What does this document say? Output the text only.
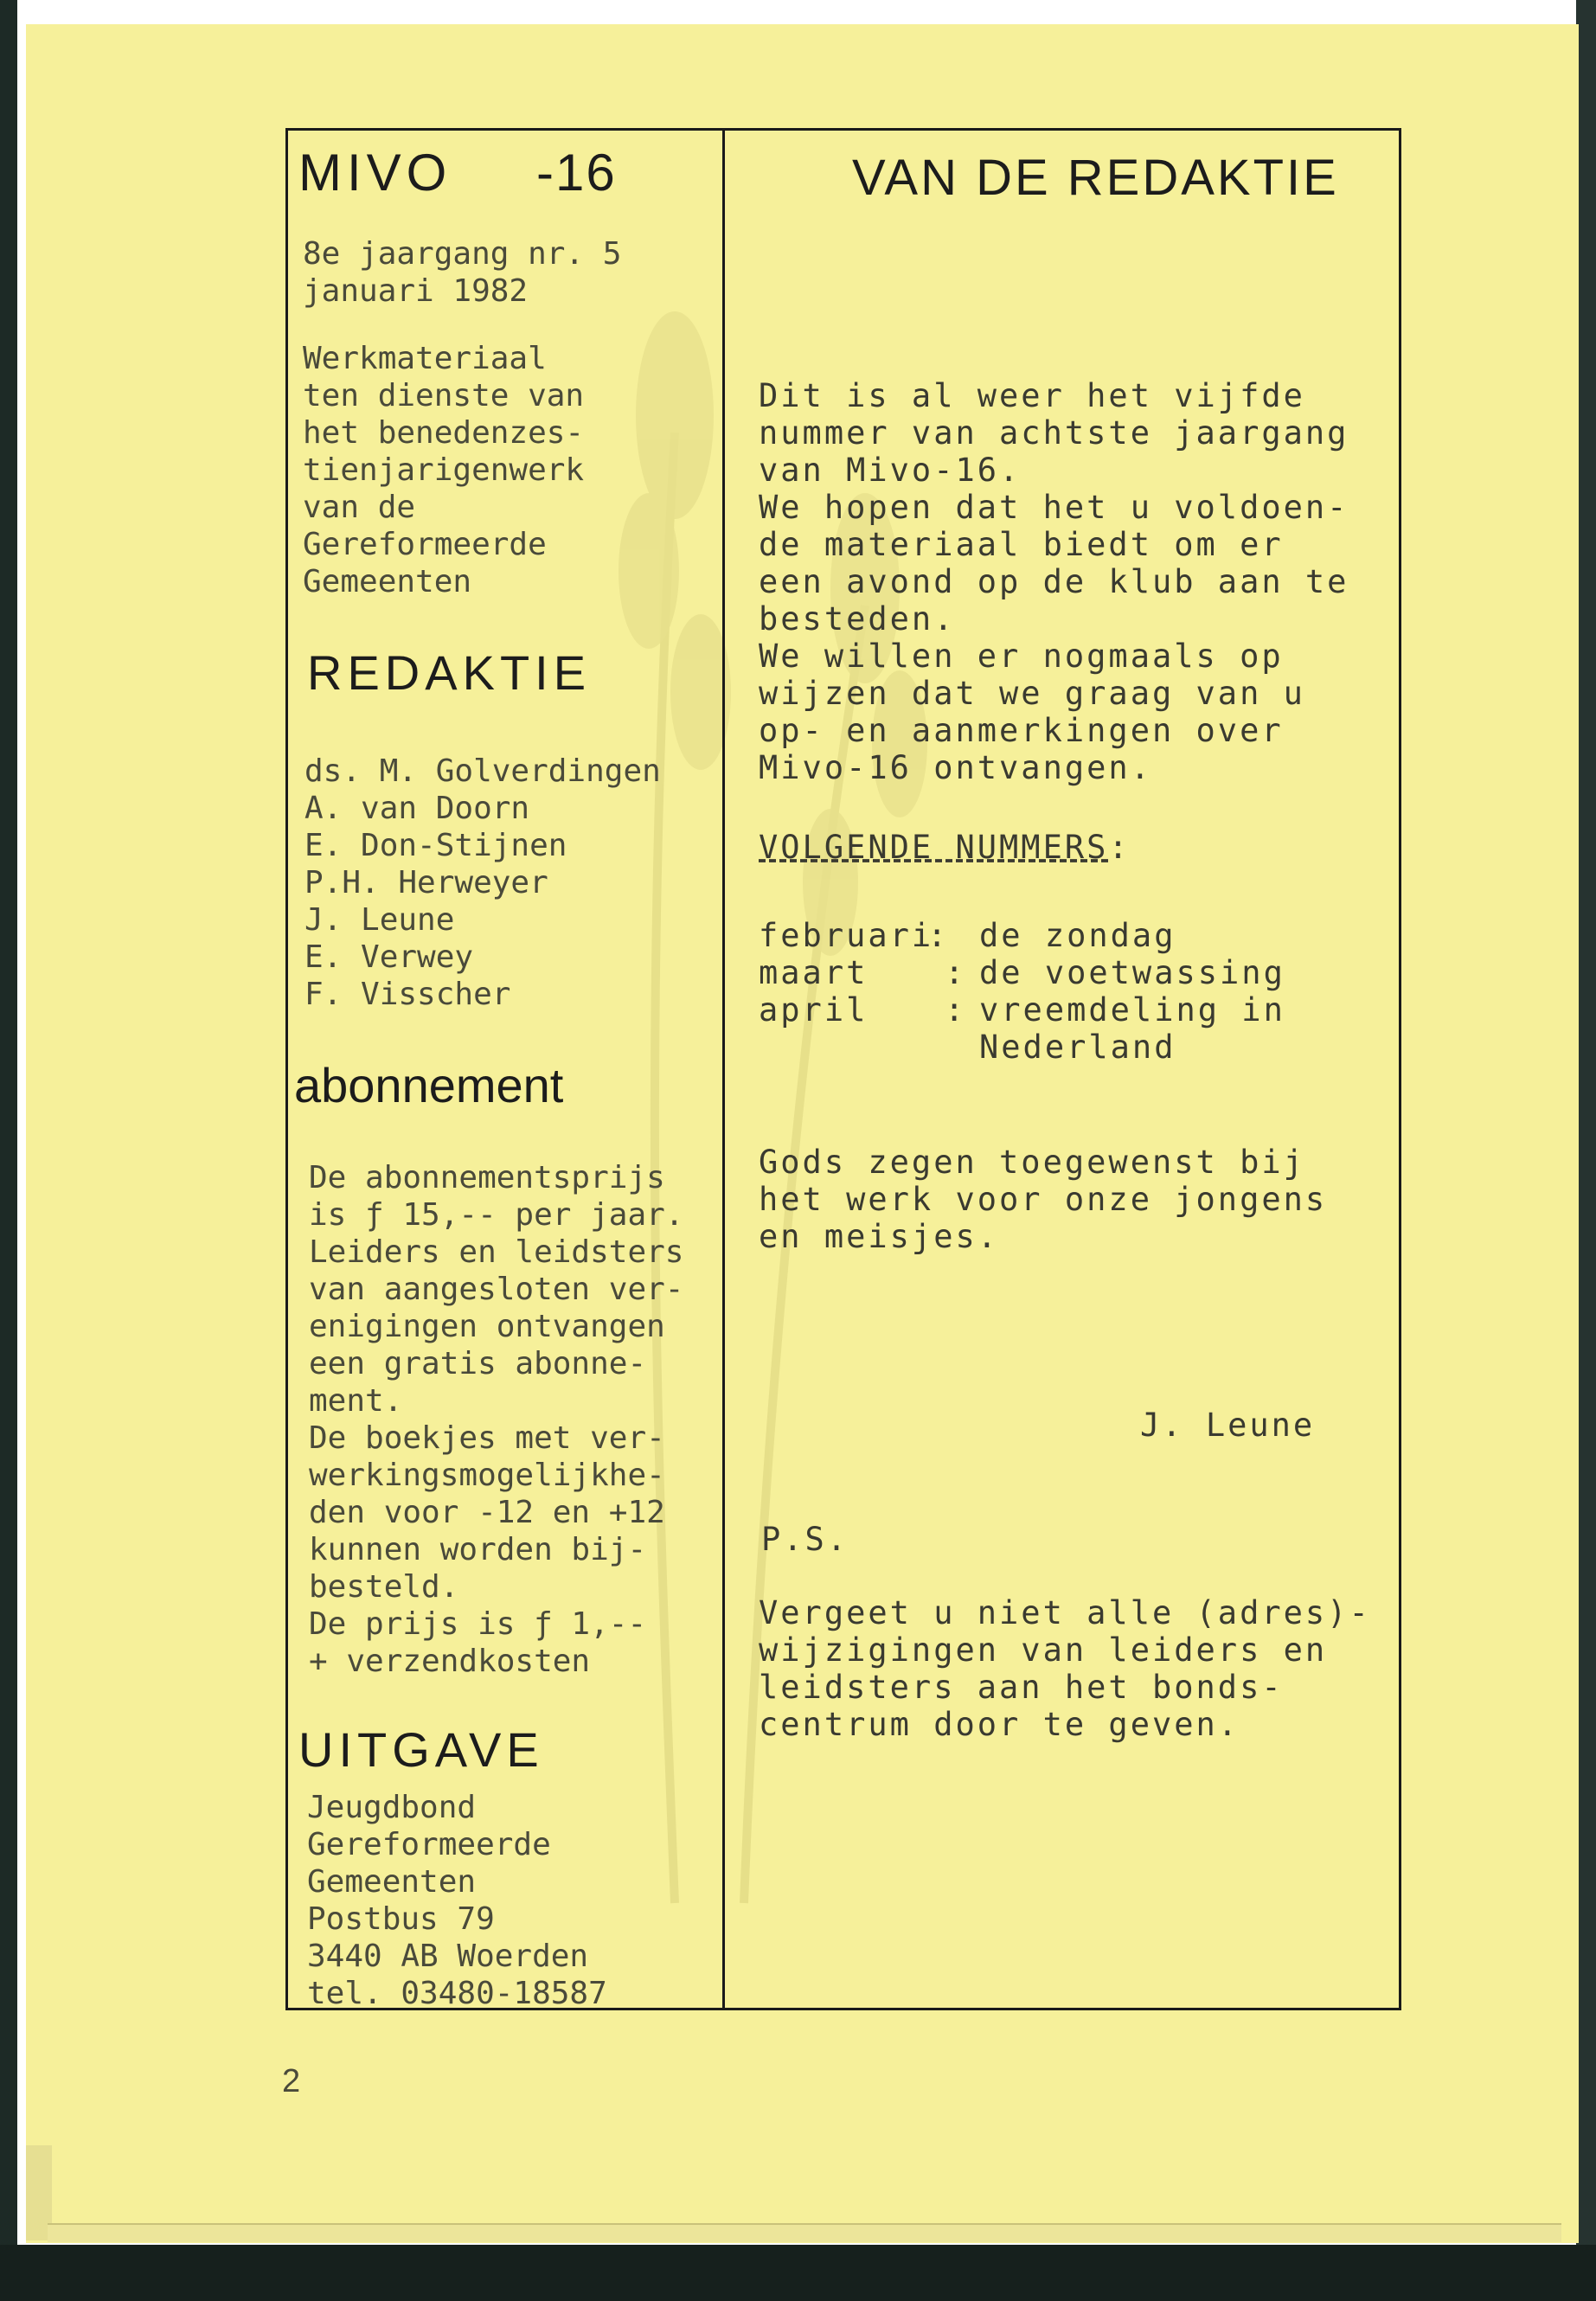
MIVO -16
8e jaargang nr. 5
januari 1982
Werkmateriaal
ten dienste van
het benedenzes-
tienjarigenwerk
van de
Gereformeerde
Gemeenten
REDAKTIE
ds. M. Golverdingen
A. van Doorn
E. Don-Stijnen
P.H. Herweyer
J. Leune
E. Verwey
F. Visscher
abonnement
De abonnementsprijs
is ƒ 15,-- per jaar.
Leiders en leidsters
van aangesloten ver-
enigingen ontvangen
een gratis abonne-
ment.
De boekjes met ver-
werkingsmogelijkhe-
den voor -12 en +12
kunnen worden bij-
besteld.
De prijs is ƒ 1,--
+ verzendkosten
UITGAVE
Jeugdbond
Gereformeerde
Gemeenten
Postbus 79
3440 AB Woerden
tel. 03480-18587
VAN DE REDAKTIE
Dit is al weer het vijfde
nummer van achtste jaargang
van Mivo-16.
We hopen dat het u voldoen-
de materiaal biedt om er
een avond op de klub aan te
besteden.
We willen er nogmaals op
wijzen dat we graag van u
op- en aanmerkingen over
Mivo-16 ontvangen.
VOLGENDE NUMMERS:
februari
: de zondag
maart : de voetwassing
april : vreemdeling in
Nederland
Gods zegen toegewenst bij
het werk voor onze jongens
en meisjes.
J. Leune
P.S.
Vergeet u niet alle (adres)-
wijzigingen van leiders en
leidsters aan het bonds-
centrum door te geven.
2
